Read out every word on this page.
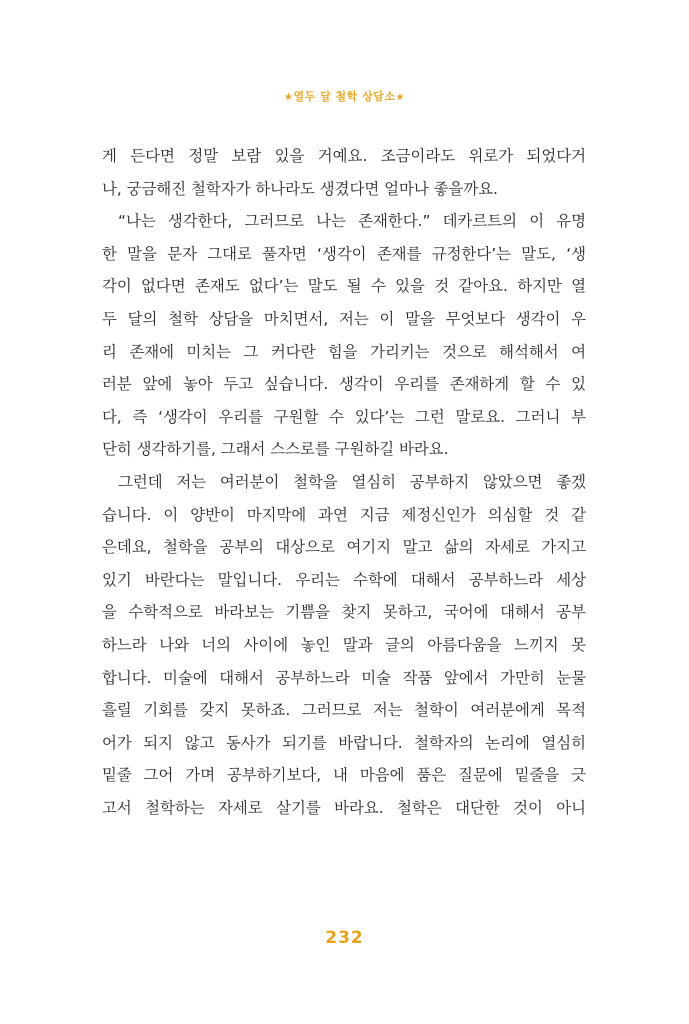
★열두 달 철학 상담소★

게 든다면 정말 보람 있을 거예요. 조금이라도 위로가 되었다거
나, 궁금해진 철학자가 하나라도 생겼다면 얼마나 좋을까요.

“나는 생각한다, 그러므로 나는 존재한다.” 데카르트의 이 유명
한 말을 문자 그대로 풀자면 ‘생각이 존재를 규정한다’는 말도, ‘생
각이 없다면 존재도 없다’는 말도 될 수 있을 것 같아요. 하지만 열
두 달의 철학 상담을 마치면서, 저는 이 말을 무엇보다 생각이 우
리 존재에 미치는 그 커다란 힘을 가리키는 것으로 해석해서 여
러분 앞에 놓아 두고 싶습니다. 생각이 우리를 존재하게 할 수 있
다, 즉 ‘생각이 우리를 구원할 수 있다’는 그런 말로요. 그러니 부
단히 생각하기를, 그래서 스스로를 구원하길 바라요.

그런데 저는 여러분이 철학을 열심히 공부하지 않았으면 좋겠
습니다. 이 양반이 마지막에 과연 지금 제정신인가 의심할 것 같
은데요, 철학을 공부의 대상으로 여기지 말고 삶의 자세로 가지고
있기 바란다는 말입니다. 우리는 수학에 대해서 공부하느라 세상
을 수학적으로 바라보는 기쁨을 찾지 못하고, 국어에 대해서 공부
하느라 나와 너의 사이에 놓인 말과 글의 아름다움을 느끼지 못
합니다. 미술에 대해서 공부하느라 미술 작품 앞에서 가만히 눈물
흘릴 기회를 갖지 못하죠. 그러므로 저는 철학이 여러분에게 목적
어가 되지 않고 동사가 되기를 바랍니다. 철학자의 논리에 열심히
밑줄 그어 가며 공부하기보다, 내 마음에 품은 질문에 밑줄을 긋
고서 철학하는 자세로 살기를 바라요. 철학은 대단한 것이 아니

232
